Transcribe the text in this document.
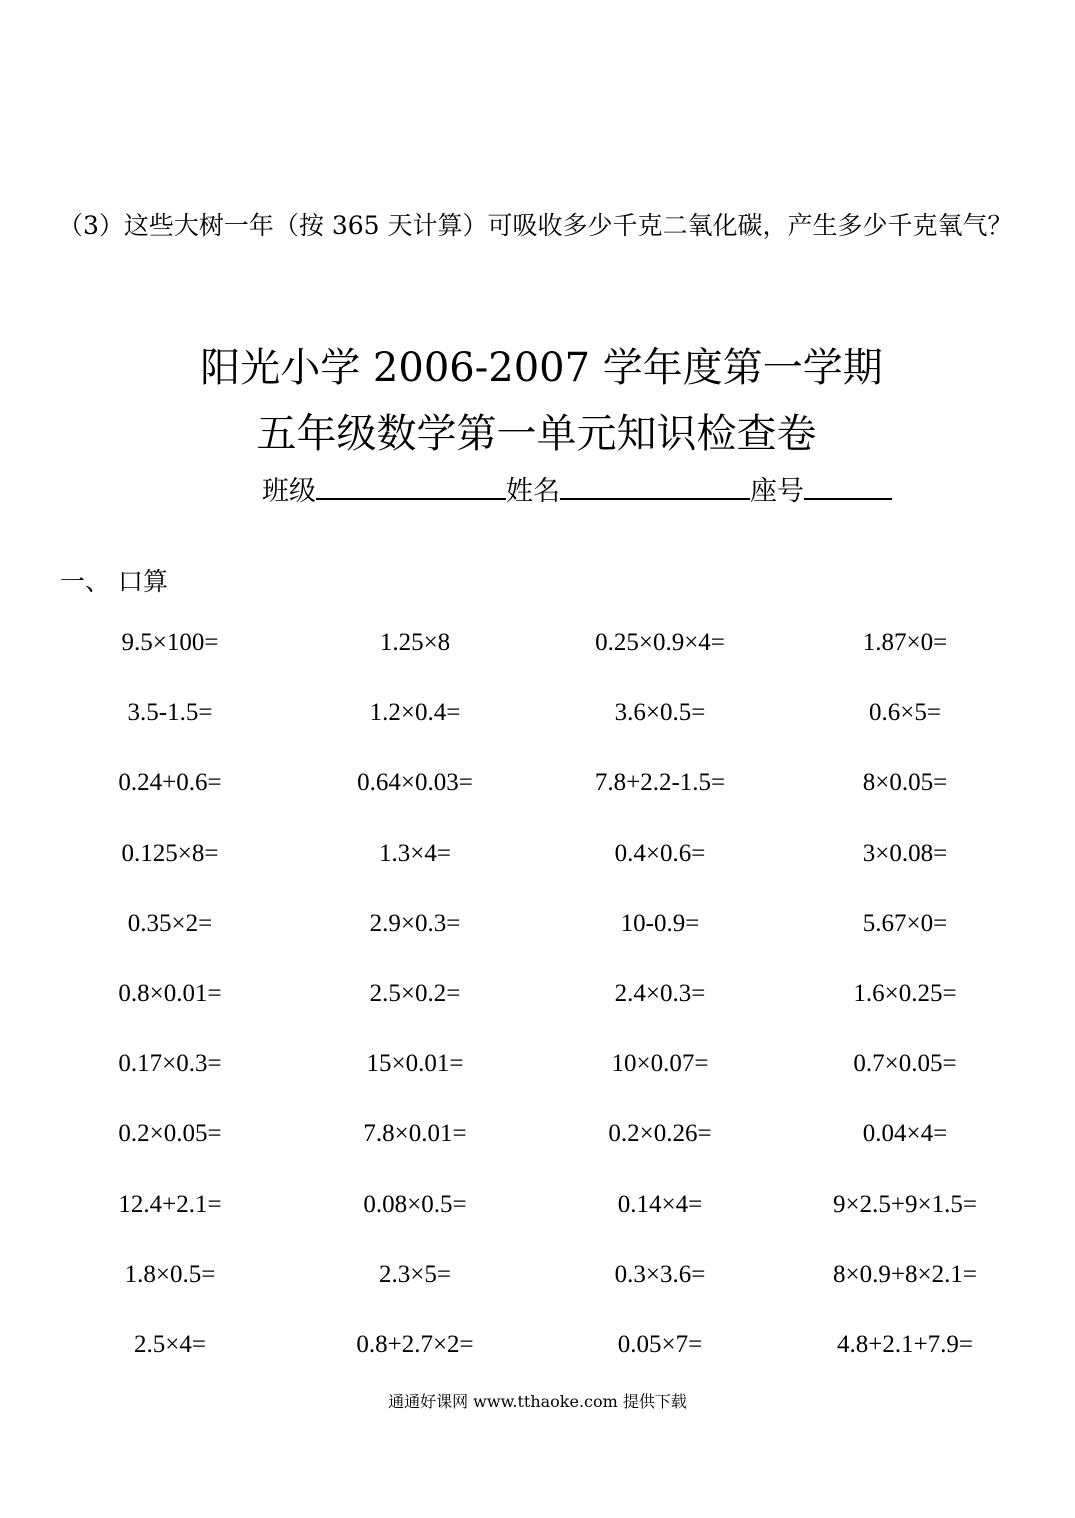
（3）这些大树一年（按 365 天计算）可吸收多少千克二氧化碳，产生多少千克氧气？

阳光小学 2006-2007 学年度第一学期
五年级数学第一单元知识检查卷
班级	姓名	座号
一、 口算
9.5×100=	1.25×8	0.25×0.9×4=	1.87×0=
3.5-1.5=	1.2×0.4=	3.6×0.5=	0.6×5=
0.24+0.6=	0.64×0.03=	7.8+2.2-1.5=	8×0.05=
0.125×8=	1.3×4=	0.4×0.6=	3×0.08=
0.35×2=	2.9×0.3=	10-0.9=	5.67×0=
0.8×0.01=	2.5×0.2=	2.4×0.3=	1.6×0.25=
0.17×0.3=	15×0.01=	10×0.07=	0.7×0.05=
0.2×0.05=	7.8×0.01=	0.2×0.26=	0.04×4=
12.4+2.1=	0.08×0.5=	0.14×4=	9×2.5+9×1.5=
1.8×0.5=	2.3×5=	0.3×3.6=	8×0.9+8×2.1=
2.5×4=	0.8+2.7×2=	0.05×7=	4.8+2.1+7.9=
通通好课网 www.tthaoke.com 提供下载
